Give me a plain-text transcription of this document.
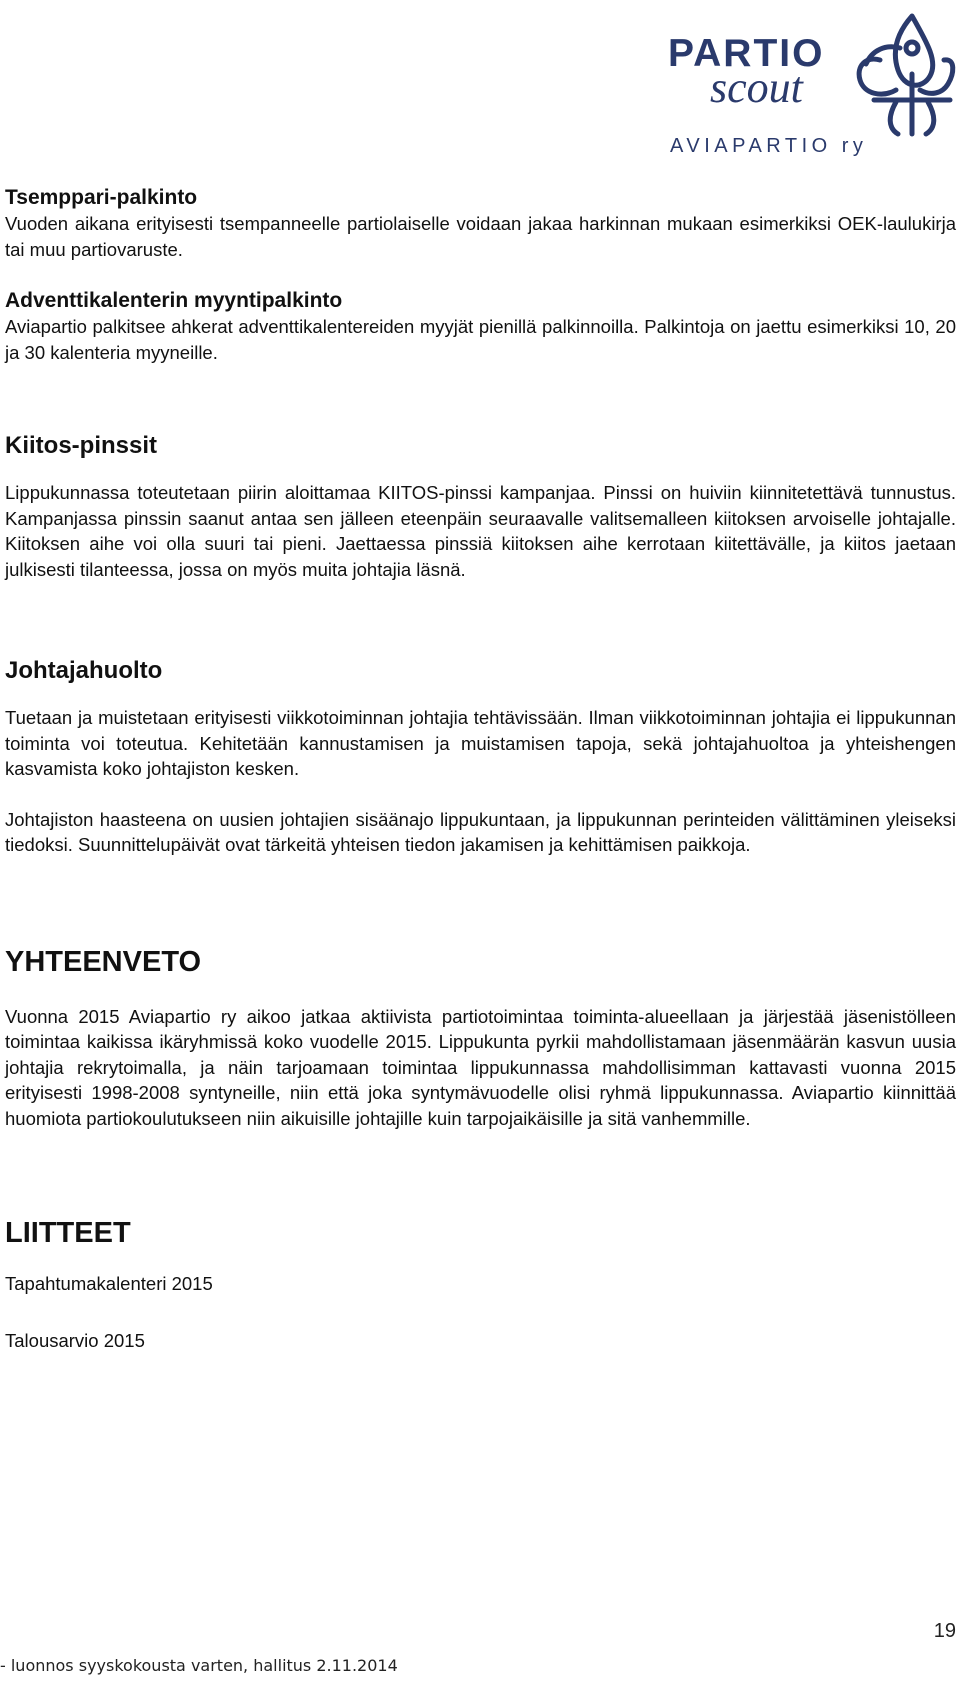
PARTIO
scout
AVIAPARTIO ry
Tsemppari-palkinto

Vuoden aikana erityisesti tsempanneelle partiolaiselle voidaan jakaa harkinnan mukaan esimerkiksi OEK-laulukirja tai muu partiovaruste.

Adventtikalenterin myyntipalkinto

Aviapartio palkitsee ahkerat adventtikalentereiden myyjät pienillä palkinnoilla. Palkintoja on jaettu esimerkiksi 10, 20 ja 30 kalenteria myyneille.

Kiitos-pinssit

Lippukunnassa toteutetaan piirin aloittamaa KIITOS-pinssi kampanjaa. Pinssi on huiviin kiinnitetettävä tunnustus. Kampanjassa pinssin saanut antaa sen jälleen eteenpäin seuraavalle valitsemalleen kiitoksen arvoiselle johtajalle. Kiitoksen aihe voi olla suuri tai pieni. Jaettaessa pinssiä kiitoksen aihe kerrotaan kiitettävälle, ja kiitos jaetaan julkisesti tilanteessa, jossa on myös muita johtajia läsnä.

Johtajahuolto

Tuetaan ja muistetaan erityisesti viikkotoiminnan johtajia tehtävissään. Ilman viikkotoiminnan johtajia ei lippukunnan toiminta voi toteutua. Kehitetään kannustamisen ja muistamisen tapoja, sekä johtajahuoltoa ja yhteishengen kasvamista koko johtajiston kesken.

Johtajiston haasteena on uusien johtajien sisäänajo lippukuntaan, ja lippukunnan perinteiden välittäminen yleiseksi tiedoksi. Suunnittelupäivät ovat tärkeitä yhteisen tiedon jakamisen ja kehittämisen paikkoja.

YHTEENVETO

Vuonna 2015 Aviapartio ry aikoo jatkaa aktiivista partiotoimintaa toiminta-alueellaan ja järjestää jäsenistölleen toimintaa kaikissa ikäryhmissä koko vuodelle 2015. Lippukunta pyrkii mahdollistamaan jäsenmäärän kasvun uusia johtajia rekrytoimalla, ja näin tarjoamaan toimintaa lippukunnassa mahdollisimman kattavasti vuonna 2015 erityisesti 1998-2008 syntyneille, niin että joka syntymävuodelle olisi ryhmä lippukunnassa. Aviapartio kiinnittää huomiota partiokoulutukseen niin aikuisille johtajille kuin tarpojaikäisille ja sitä vanhemmille.

LIITTEET

Tapahtumakalenteri 2015

Talousarvio 2015

19
- luonnos syyskokousta varten, hallitus 2.11.2014
